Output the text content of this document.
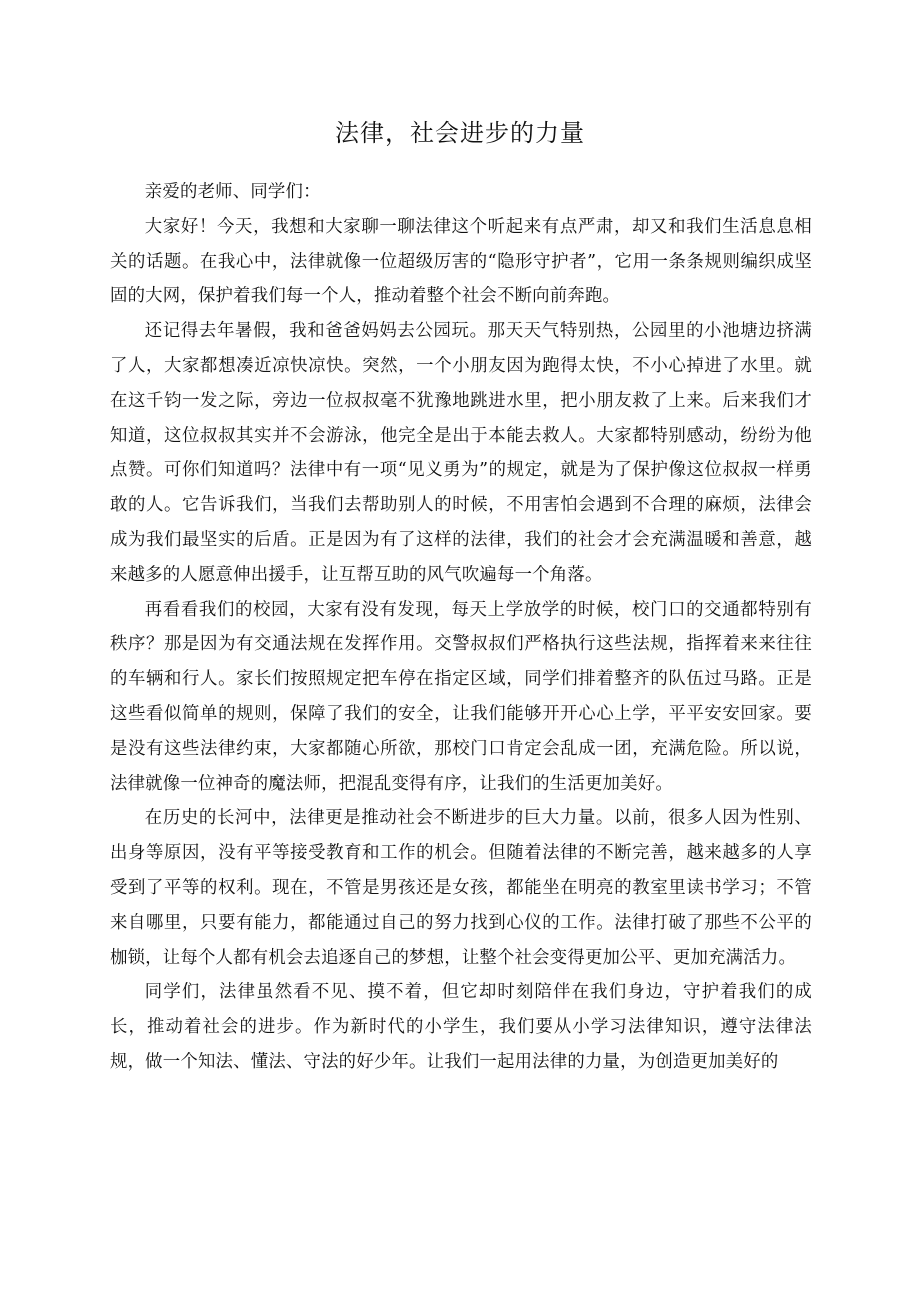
法律，社会进步的力量

亲爱的老师、同学们：

大家好！今天，我想和大家聊一聊法律这个听起来有点严肃，却又和我们生活息息相关的话题。在我心中，法律就像一位超级厉害的“隐形守护者”，它用一条条规则编织成坚固的大网，保护着我们每一个人，推动着整个社会不断向前奔跑。

还记得去年暑假，我和爸爸妈妈去公园玩。那天天气特别热，公园里的小池塘边挤满了人，大家都想凑近凉快凉快。突然，一个小朋友因为跑得太快，不小心掉进了水里。就在这千钧一发之际，旁边一位叔叔毫不犹豫地跳进水里，把小朋友救了上来。后来我们才知道，这位叔叔其实并不会游泳，他完全是出于本能去救人。大家都特别感动，纷纷为他点赞。可你们知道吗？法律中有一项“见义勇为”的规定，就是为了保护像这位叔叔一样勇敢的人。它告诉我们，当我们去帮助别人的时候，不用害怕会遇到不合理的麻烦，法律会成为我们最坚实的后盾。正是因为有了这样的法律，我们的社会才会充满温暖和善意，越来越多的人愿意伸出援手，让互帮互助的风气吹遍每一个角落。

再看看我们的校园，大家有没有发现，每天上学放学的时候，校门口的交通都特别有秩序？那是因为有交通法规在发挥作用。交警叔叔们严格执行这些法规，指挥着来来往往的车辆和行人。家长们按照规定把车停在指定区域，同学们排着整齐的队伍过马路。正是这些看似简单的规则，保障了我们的安全，让我们能够开开心心上学，平平安安回家。要是没有这些法律约束，大家都随心所欲，那校门口肯定会乱成一团，充满危险。所以说，法律就像一位神奇的魔法师，把混乱变得有序，让我们的生活更加美好。

在历史的长河中，法律更是推动社会不断进步的巨大力量。以前，很多人因为性别、出身等原因，没有平等接受教育和工作的机会。但随着法律的不断完善，越来越多的人享受到了平等的权利。现在，不管是男孩还是女孩，都能坐在明亮的教室里读书学习；不管来自哪里，只要有能力，都能通过自己的努力找到心仪的工作。法律打破了那些不公平的枷锁，让每个人都有机会去追逐自己的梦想，让整个社会变得更加公平、更加充满活力。

同学们，法律虽然看不见、摸不着，但它却时刻陪伴在我们身边，守护着我们的成长，推动着社会的进步。作为新时代的小学生，我们要从小学习法律知识，遵守法律法规，做一个知法、懂法、守法的好少年。让我们一起用法律的力量，为创造更加美好的
